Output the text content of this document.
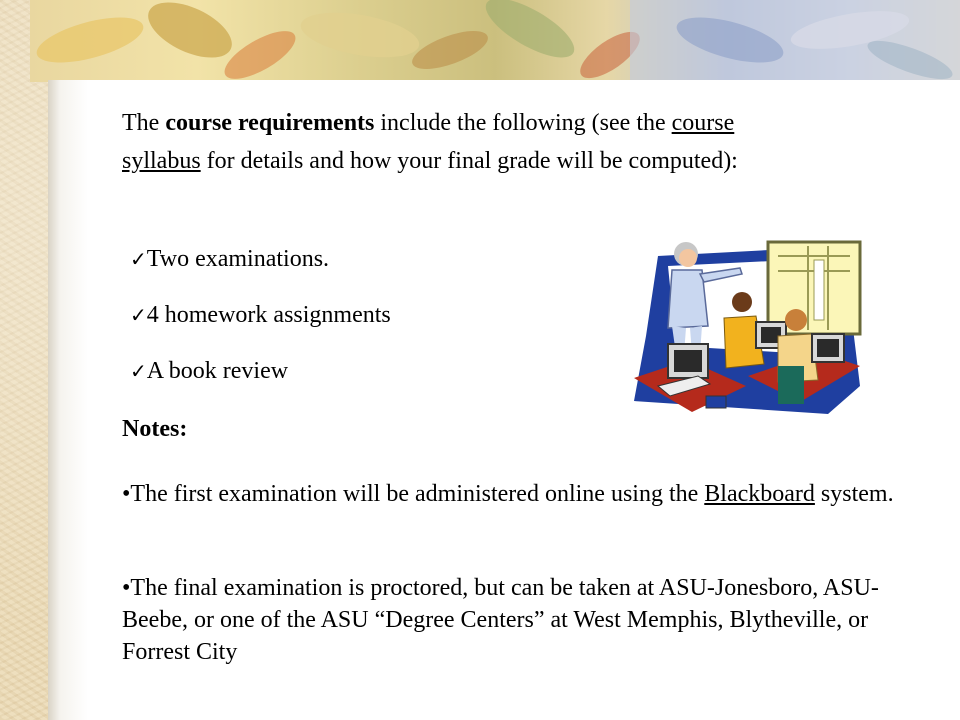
The course requirements include the following (see the course syllabus for details and how your final grade will be computed):

✓Two examinations.

✓4 homework assignments

✓A book review

Notes:

•The first examination will be administered online using the Blackboard system.

•The final examination is proctored, but can be taken at ASU-Jonesboro, ASU-Beebe, or one of the ASU “Degree Centers” at West Memphis, Blytheville, or Forrest City
